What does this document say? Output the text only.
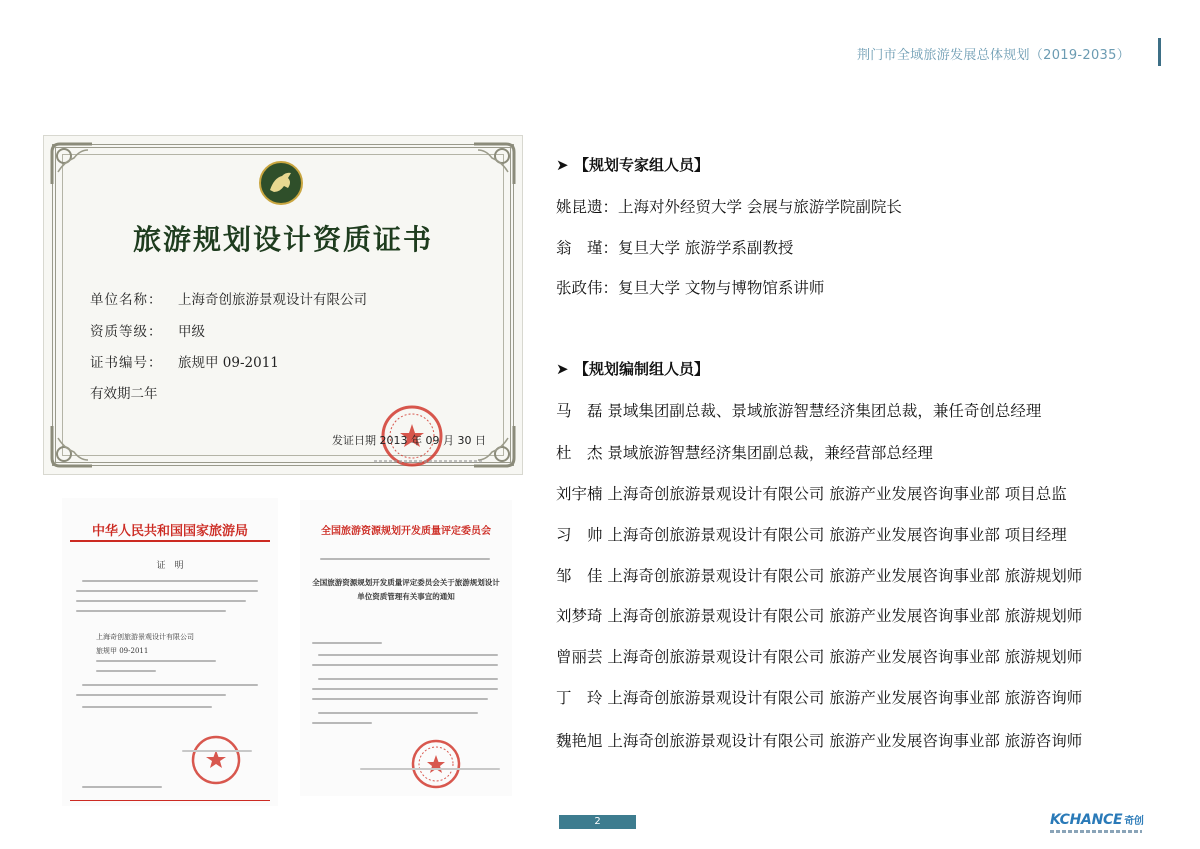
荆门市全域旅游发展总体规划（2019-2035）
旅游规划设计资质证书
单位名称： 上海奇创旅游景观设计有限公司
资质等级： 甲级
证书编号： 旅规甲 09-2011
有效期二年
发证日期 2013 年 09 月 30 日
中华人民共和国国家旅游局
证　明
上海奇创旅游景观设计有限公司
旅规甲 09-2011
全国旅游资源规划开发质量评定委员会
全国旅游资源规划开发质量评定委员会关于旅游规划设计单位资质管理有关事宜的通知
➤ 【规划专家组人员】
姚昆遗：上海对外经贸大学 会展与旅游学院副院长
翁　瑾：复旦大学 旅游学系副教授
张政伟：复旦大学 文物与博物馆系讲师
➤ 【规划编制组人员】
马　磊 景域集团副总裁、景域旅游智慧经济集团总裁，兼任奇创总经理
杜　杰 景域旅游智慧经济集团副总裁，兼经营部总经理
刘宇楠 上海奇创旅游景观设计有限公司 旅游产业发展咨询事业部 项目总监
习　帅 上海奇创旅游景观设计有限公司 旅游产业发展咨询事业部 项目经理
邹　佳 上海奇创旅游景观设计有限公司 旅游产业发展咨询事业部 旅游规划师
刘梦琦 上海奇创旅游景观设计有限公司 旅游产业发展咨询事业部 旅游规划师
曾丽芸 上海奇创旅游景观设计有限公司 旅游产业发展咨询事业部 旅游规划师
丁　玲 上海奇创旅游景观设计有限公司 旅游产业发展咨询事业部 旅游咨询师
魏艳旭 上海奇创旅游景观设计有限公司 旅游产业发展咨询事业部 旅游咨询师
2	KCHANCE 奇创
